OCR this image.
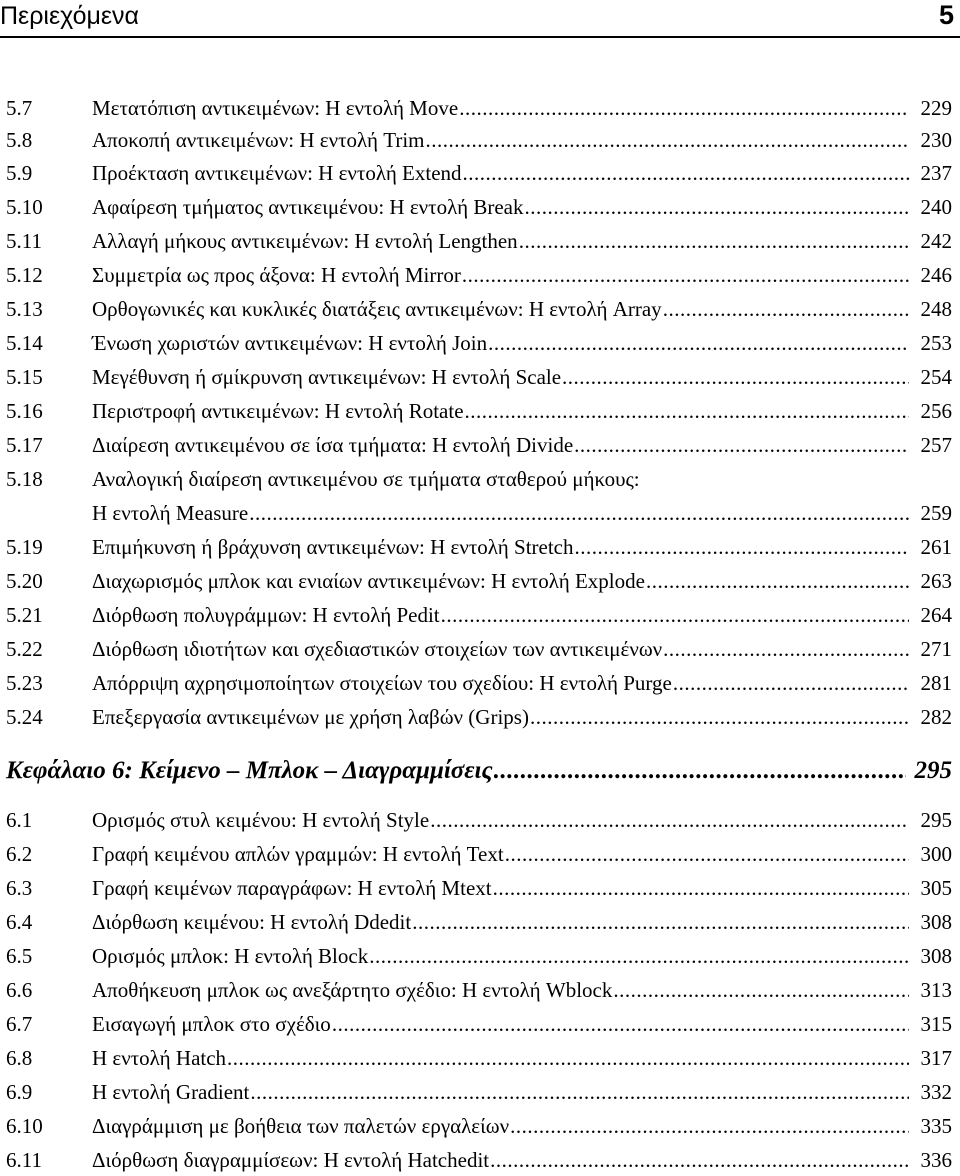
Περιεχόμενα	5
5.7	Μετατόπιση αντικειμένων: Η εντολή Move .....	229
5.8	Αποκοπή αντικειμένων: Η εντολή Trim .....	230
5.9	Προέκταση αντικειμένων: Η εντολή Extend .....	237
5.10	Αφαίρεση τμήματος αντικειμένου: Η εντολή Break .....	240
5.11	Αλλαγή μήκους αντικειμένων: Η εντολή Lengthen .....	242
5.12	Συμμετρία ως προς άξονα: Η εντολή Mirror .....	246
5.13	Ορθογωνικές και κυκλικές διατάξεις αντικειμένων: Η εντολή Array .....	248
5.14	Ένωση χωριστών αντικειμένων: Η εντολή Join .....	253
5.15	Μεγέθυνση ή σμίκρυνση αντικειμένων: Η εντολή Scale .....	254
5.16	Περιστροφή αντικειμένων: Η εντολή Rotate .....	256
5.17	Διαίρεση αντικειμένου σε ίσα τμήματα: Η εντολή Divide .....	257
5.18	Αναλογική διαίρεση αντικειμένου σε τμήματα σταθερού μήκους:
Η εντολή Measure .....	259
5.19	Επιμήκυνση ή βράχυνση αντικειμένων: Η εντολή Stretch .....	261
5.20	Διαχωρισμός μπλοκ και ενιαίων αντικειμένων: Η εντολή Explode .....	263
5.21	Διόρθωση πολυγράμμων: Η εντολή Pedit .....	264
5.22	Διόρθωση ιδιοτήτων και σχεδιαστικών στοιχείων των αντικειμένων .....	271
5.23	Απόρριψη αχρησιμοποίητων στοιχείων του σχεδίου: Η εντολή Purge .....	281
5.24	Επεξεργασία αντικειμένων με χρήση λαβών (Grips) .....	282
Κεφάλαιο 6: Κείμενο – Μπλοκ – Διαγραμμίσεις .....	295
6.1	Ορισμός στυλ κειμένου: Η εντολή Style .....	295
6.2	Γραφή κειμένου απλών γραμμών: Η εντολή Text .....	300
6.3	Γραφή κειμένων παραγράφων: Η εντολή Mtext .....	305
6.4	Διόρθωση κειμένου: Η εντολή Ddedit .....	308
6.5	Ορισμός μπλοκ: Η εντολή Block .....	308
6.6	Αποθήκευση μπλοκ ως ανεξάρτητο σχέδιο: Η εντολή Wblock .....	313
6.7	Εισαγωγή μπλοκ στο σχέδιο .....	315
6.8	Η εντολή Hatch .....	317
6.9	Η εντολή Gradient .....	332
6.10	Διαγράμμιση με βοήθεια των παλετών εργαλείων .....	335
6.11	Διόρθωση διαγραμμίσεων: Η εντολή Hatchedit .....	336
